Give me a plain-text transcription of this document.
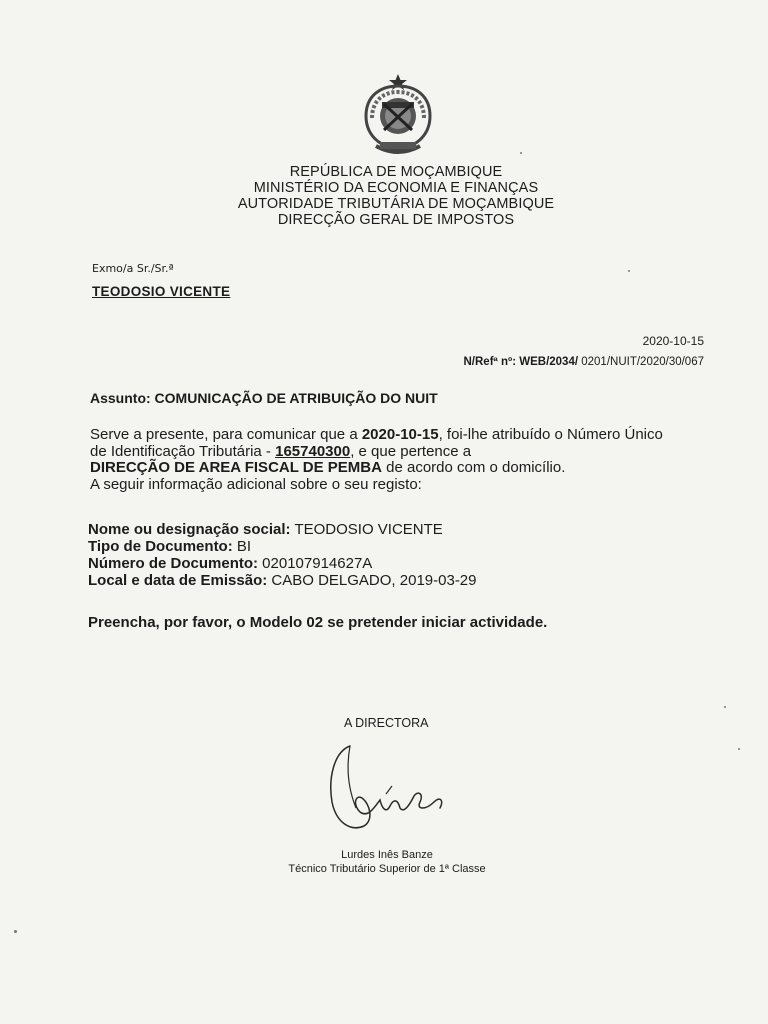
REPÚBLICA DE MOÇAMBIQUE
MINISTÉRIO DA ECONOMIA E FINANÇAS
AUTORIDADE TRIBUTÁRIA DE MOÇAMBIQUE
DIRECÇÃO GERAL DE IMPOSTOS
Exmo/a Sr./Sr.ª
TEODOSIO VICENTE
2020-10-15
N/Refª nº: WEB/2034/ 0201/NUIT/2020/30/067
Assunto: COMUNICAÇÃO DE ATRIBUIÇÃO DO NUIT
Serve a presente, para comunicar que a 2020-10-15, foi-lhe atribuído o Número Único
de Identificação Tributária - 165740300, e que pertence a
DIRECÇÃO DE AREA FISCAL DE PEMBA de acordo com o domicílio.
A seguir informação adicional sobre o seu registo:
Nome ou designação social: TEODOSIO VICENTE
Tipo de Documento: BI
Número de Documento: 020107914627A
Local e data de Emissão: CABO DELGADO, 2019-03-29
Preencha, por favor, o Modelo 02 se pretender iniciar actividade.
A DIRECTORA
Lurdes Inês Banze
Técnico Tributário Superior de 1ª Classe
